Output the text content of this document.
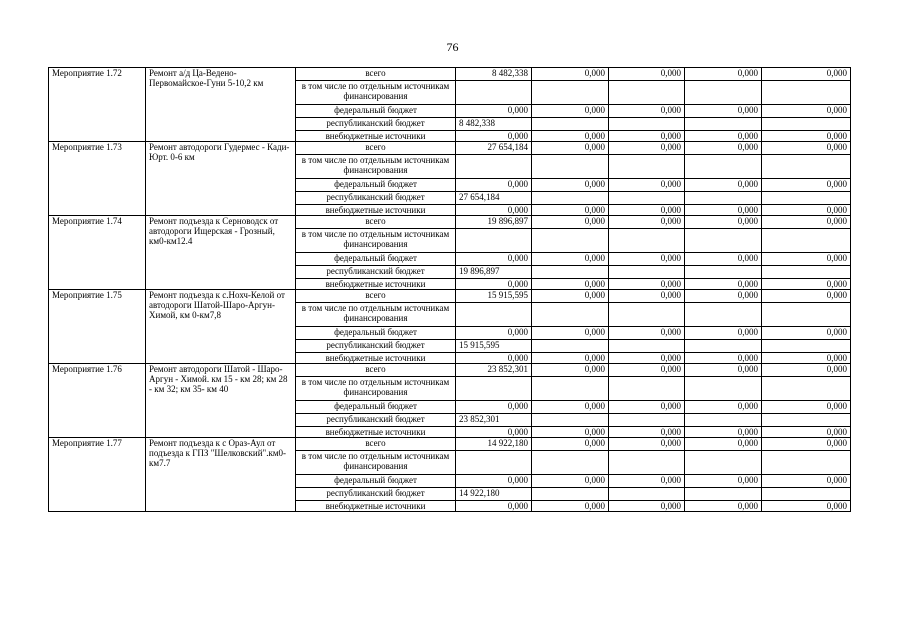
76
Мероприятие 1.72	Ремонт а/д Ца-Ведено-Первомайское-Гуни 5-10,2 км	всего	8 482,338	0,000	0,000	0,000	0,000
		в том числе по отдельным источникам финансирования					
		федеральный бюджет	0,000	0,000	0,000	0,000	0,000
		республиканский бюджет	8 482,338				
		внебюджетные источники	0,000	0,000	0,000	0,000	0,000
Мероприятие 1.73	Ремонт автодороги Гудермес - Кади-Юрт. 0-6 км	всего	27 654,184	0,000	0,000	0,000	0,000
		в том числе по отдельным источникам финансирования					
		федеральный бюджет	0,000	0,000	0,000	0,000	0,000
		республиканский бюджет	27 654,184				
		внебюджетные источники	0,000	0,000	0,000	0,000	0,000
Мероприятие 1.74	Ремонт подъезда к Серноводск от автодороги Ищерская - Грозный, км0-км12.4	всего	19 896,897	0,000	0,000	0,000	0,000
		в том числе по отдельным источникам финансирования					
		федеральный бюджет	0,000	0,000	0,000	0,000	0,000
		республиканский бюджет	19 896,897				
		внебюджетные источники	0,000	0,000	0,000	0,000	0,000
Мероприятие 1.75	Ремонт подъезда к с.Нохч-Келой от автодороги Шатой-Шаро-Аргун-Химой, км 0-км7,8	всего	15 915,595	0,000	0,000	0,000	0,000
		в том числе по отдельным источникам финансирования					
		федеральный бюджет	0,000	0,000	0,000	0,000	0,000
		республиканский бюджет	15 915,595				
		внебюджетные источники	0,000	0,000	0,000	0,000	0,000
Мероприятие 1.76	Ремонт автодороги Шатой - Шаро-Аргун - Химой. км 15 - км 28; км 28 - км 32; км 35- км 40	всего	23 852,301	0,000	0,000	0,000	0,000
		в том числе по отдельным источникам финансирования					
		федеральный бюджет	0,000	0,000	0,000	0,000	0,000
		республиканский бюджет	23 852,301				
		внебюджетные источники	0,000	0,000	0,000	0,000	0,000
Мероприятие 1.77	Ремонт подъезда к с Ораз-Аул от подъезда к ГПЗ "Шелковский".км0-км7.7	всего	14 922,180	0,000	0,000	0,000	0,000
		в том числе по отдельным источникам финансирования					
		федеральный бюджет	0,000	0,000	0,000	0,000	0,000
		республиканский бюджет	14 922,180				
		внебюджетные источники	0,000	0,000	0,000	0,000	0,000
